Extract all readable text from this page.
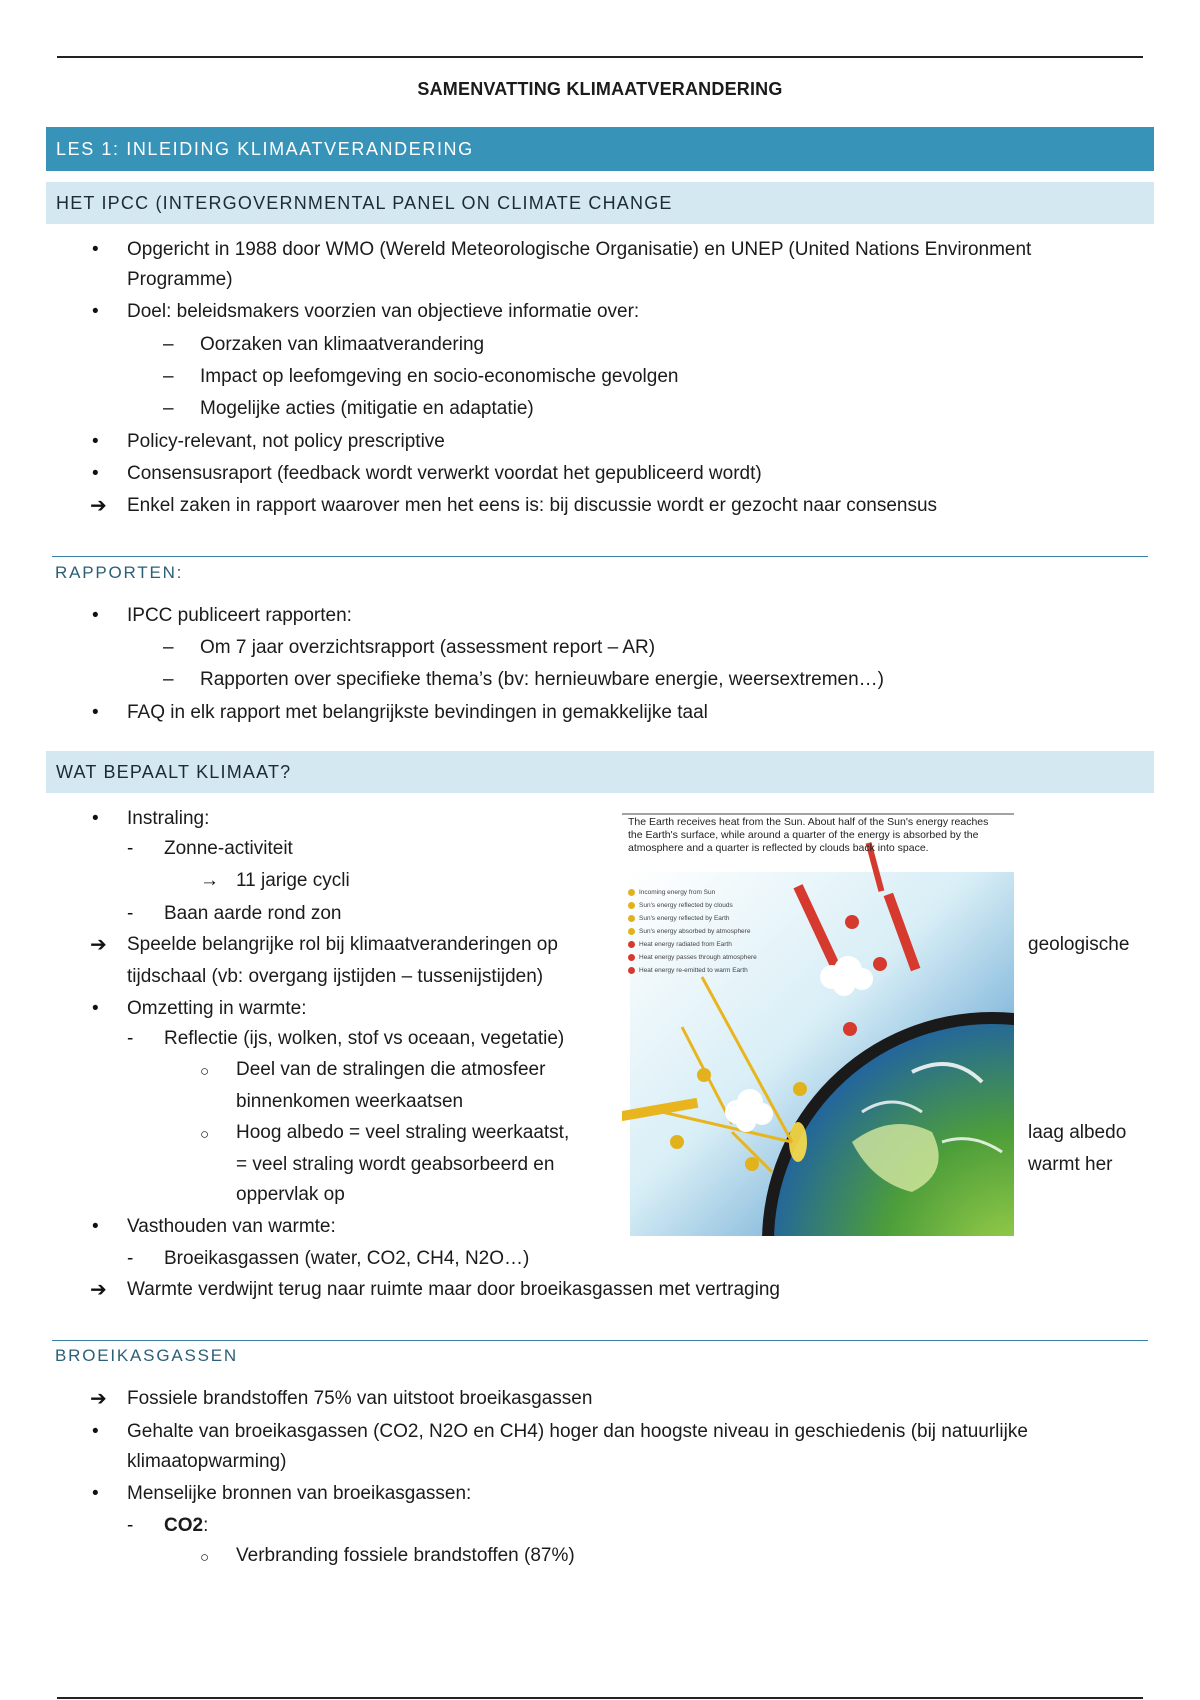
SAMENVATTING KLIMAATVERANDERING
LES 1: INLEIDING KLIMAATVERANDERING
HET IPCC (INTERGOVERNMENTAL PANEL ON CLIMATE CHANGE
• Opgericht in 1988 door WMO (Wereld Meteorologische Organisatie) en UNEP (United Nations Environment
Programme)
• Doel: beleidsmakers voorzien van objectieve informatie over:
– Oorzaken van klimaatverandering
– Impact op leefomgeving en socio-economische gevolgen
– Mogelijke acties (mitigatie en adaptatie)
• Policy-relevant, not policy prescriptive
• Consensusraport (feedback wordt verwerkt voordat het gepubliceerd wordt)
➔ Enkel zaken in rapport waarover men het eens is: bij discussie wordt er gezocht naar consensus
RAPPORTEN:
• IPCC publiceert rapporten:
– Om 7 jaar overzichtsrapport (assessment report – AR)
– Rapporten over specifieke thema’s (bv: hernieuwbare energie, weersextremen…)
• FAQ in elk rapport met belangrijkste bevindingen in gemakkelijke taal
WAT BEPAALT KLIMAAT?
• Instraling:
- Zonne-activiteit
→ 11 jarige cycli
- Baan aarde rond zon
➔ Speelde belangrijke rol bij klimaatveranderingen op	geologische
tijdschaal (vb: overgang ijstijden – tussenijstijden)
• Omzetting in warmte:
- Reflectie (ijs, wolken, stof vs oceaan, vegetatie)
○ Deel van de stralingen die atmosfeer
binnenkomen weerkaatsen
○ Hoog albedo = veel straling weerkaatst,	laag albedo
= veel straling wordt geabsorbeerd en	warmt her
oppervlak op
• Vasthouden van warmte:
- Broeikasgassen (water, CO2, CH4, N2O…)
➔ Warmte verdwijnt terug naar ruimte maar door broeikasgassen met vertraging
The Earth receives heat from the Sun. About half of the Sun's energy reaches the Earth's surface, while around a quarter of the energy is absorbed by the atmosphere and a quarter is reflected by clouds back into space.
Incoming energy from Sun
Sun's energy reflected by clouds
Sun's energy reflected by Earth
Sun's energy absorbed by atmosphere
Heat energy radiated from Earth
Heat energy passes through atmosphere
Heat energy re-emitted to warm Earth
BROEIKASGASSEN
➔ Fossiele brandstoffen 75% van uitstoot broeikasgassen
• Gehalte van broeikasgassen (CO2, N2O en CH4) hoger dan hoogste niveau in geschiedenis (bij natuurlijke
klimaatopwarming)
• Menselijke bronnen van broeikasgassen:
- CO2:
○ Verbranding fossiele brandstoffen (87%)
